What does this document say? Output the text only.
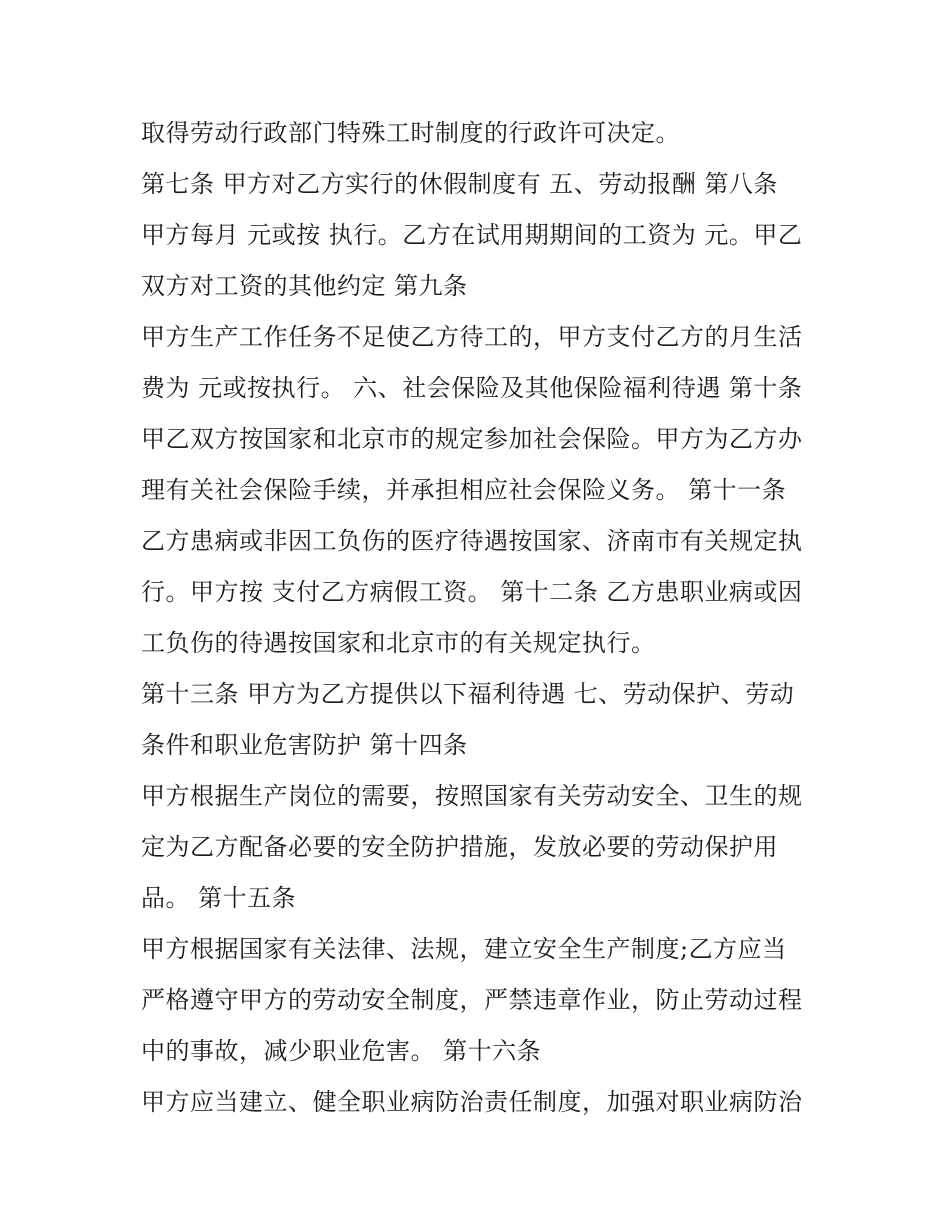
取得劳动行政部门特殊工时制度的行政许可决定。
第七条 甲方对乙方实行的休假制度有 五、劳动报酬 第八条
甲方每月 元或按 执行。乙方在试用期期间的工资为 元。甲乙
双方对工资的其他约定 第九条
甲方生产工作任务不足使乙方待工的，甲方支付乙方的月生活
费为 元或按执行。 六、社会保险及其他保险福利待遇 第十条
甲乙双方按国家和北京市的规定参加社会保险。甲方为乙方办
理有关社会保险手续，并承担相应社会保险义务。 第十一条
乙方患病或非因工负伤的医疗待遇按国家、济南市有关规定执
行。甲方按 支付乙方病假工资。 第十二条 乙方患职业病或因
工负伤的待遇按国家和北京市的有关规定执行。
第十三条 甲方为乙方提供以下福利待遇 七、劳动保护、劳动
条件和职业危害防护 第十四条
甲方根据生产岗位的需要，按照国家有关劳动安全、卫生的规
定为乙方配备必要的安全防护措施，发放必要的劳动保护用
品。 第十五条
甲方根据国家有关法律、法规，建立安全生产制度;乙方应当
严格遵守甲方的劳动安全制度，严禁违章作业，防止劳动过程
中的事故，减少职业危害。 第十六条
甲方应当建立、健全职业病防治责任制度，加强对职业病防治
